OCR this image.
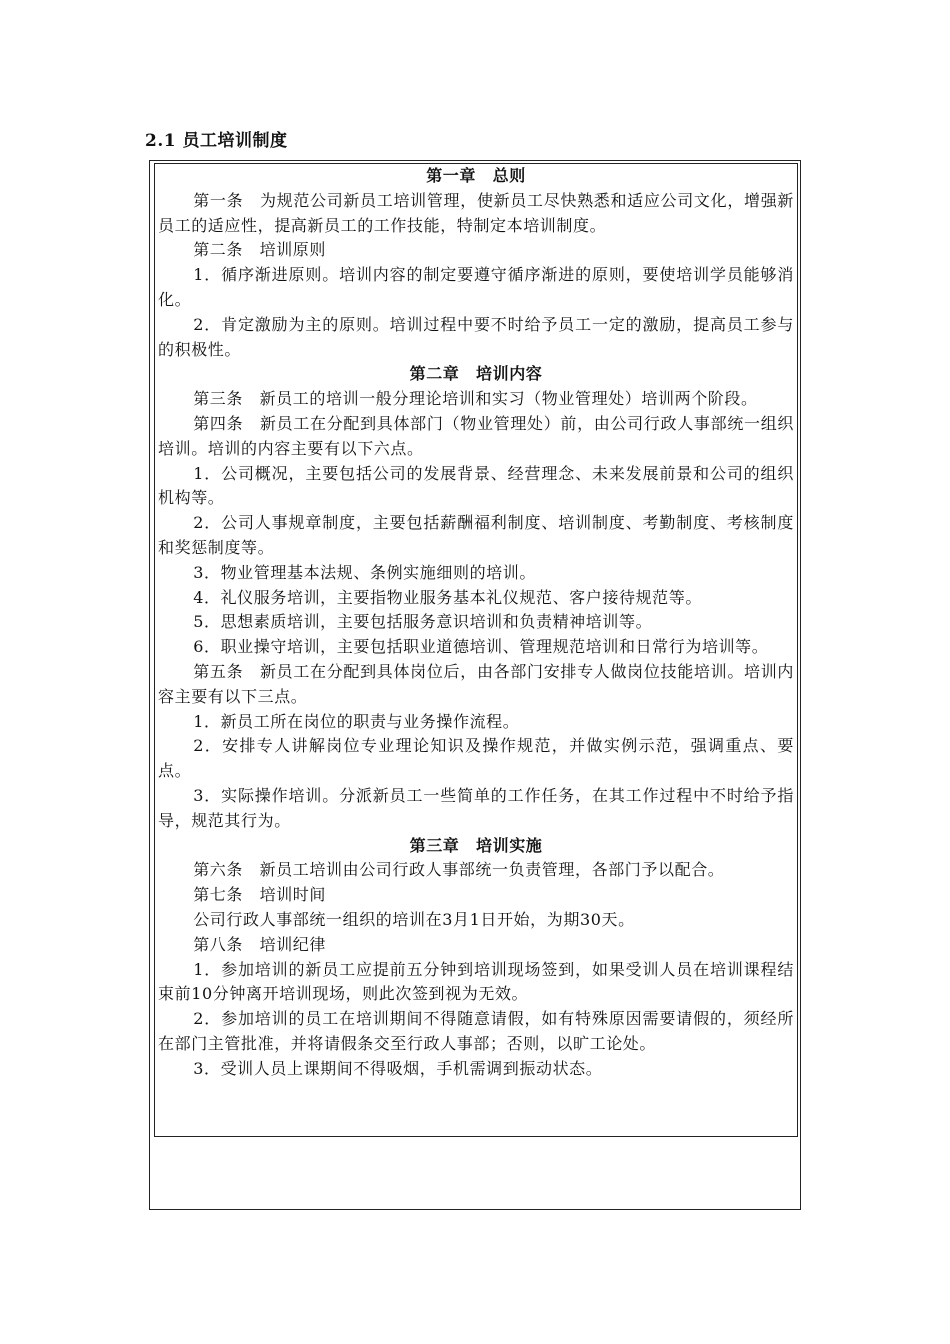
2.1 员工培训制度
第一章　总则
第一条　为规范公司新员工培训管理，使新员工尽快熟悉和适应公司文化，增强新员工的适应性，提高新员工的工作技能，特制定本培训制度。
第二条　培训原则
1．循序渐进原则。培训内容的制定要遵守循序渐进的原则，要使培训学员能够消化。
2．肯定激励为主的原则。培训过程中要不时给予员工一定的激励，提高员工参与的积极性。
第二章　培训内容
第三条　新员工的培训一般分理论培训和实习（物业管理处）培训两个阶段。
第四条　新员工在分配到具体部门（物业管理处）前，由公司行政人事部统一组织培训。培训的内容主要有以下六点。
1．公司概况，主要包括公司的发展背景、经营理念、未来发展前景和公司的组织机构等。
2．公司人事规章制度，主要包括薪酬福利制度、培训制度、考勤制度、考核制度和奖惩制度等。
3．物业管理基本法规、条例实施细则的培训。
4．礼仪服务培训，主要指物业服务基本礼仪规范、客户接待规范等。
5．思想素质培训，主要包括服务意识培训和负责精神培训等。
6．职业操守培训，主要包括职业道德培训、管理规范培训和日常行为培训等。
第五条　新员工在分配到具体岗位后，由各部门安排专人做岗位技能培训。培训内容主要有以下三点。
1．新员工所在岗位的职责与业务操作流程。
2．安排专人讲解岗位专业理论知识及操作规范，并做实例示范，强调重点、要点。
3．实际操作培训。分派新员工一些简单的工作任务，在其工作过程中不时给予指导，规范其行为。
第三章　培训实施
第六条　新员工培训由公司行政人事部统一负责管理，各部门予以配合。
第七条　培训时间
公司行政人事部统一组织的培训在3月1日开始，为期30天。
第八条　培训纪律
1．参加培训的新员工应提前五分钟到培训现场签到，如果受训人员在培训课程结束前10分钟离开培训现场，则此次签到视为无效。
2．参加培训的员工在培训期间不得随意请假，如有特殊原因需要请假的，须经所在部门主管批准，并将请假条交至行政人事部；否则，以旷工论处。
3．受训人员上课期间不得吸烟，手机需调到振动状态。
